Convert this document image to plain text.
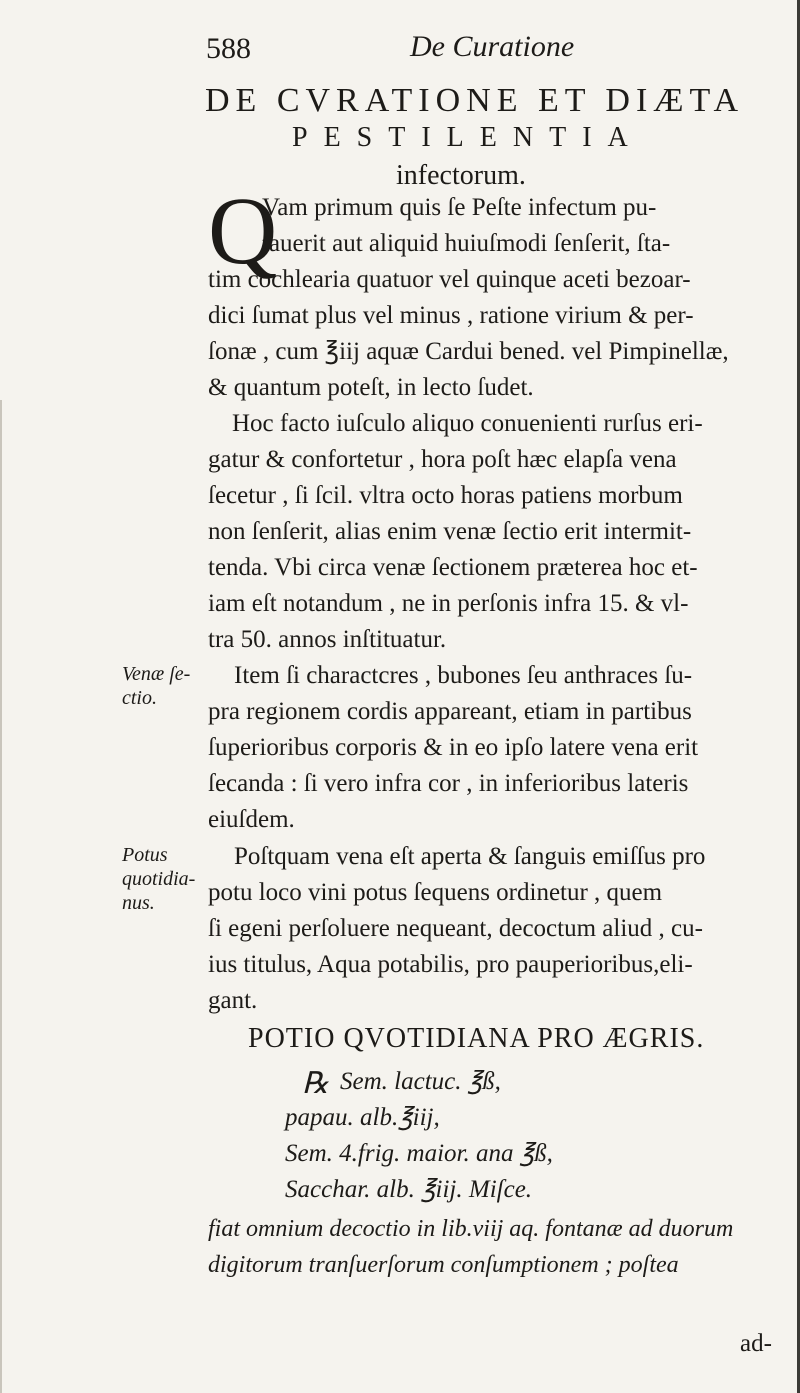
588	De Curatione
DE CVRATIONE ET DIÆTA
PESTILENTIA
infectorum.
Q
Vam primum quis ſe Peſte infectum pu-
tauerit aut aliquid huiuſmodi ſenſerit, ſta-
tim cochlearia quatuor vel quinque aceti bezoar-
dici ſumat plus vel minus , ratione virium & per-
ſonæ , cum ℥iij aquæ Cardui bened. vel Pimpinellæ,
& quantum poteſt, in lecto ſudet.
Hoc facto iuſculo aliquo conuenienti rurſus eri-
gatur & confortetur , hora poſt hæc elapſa vena
ſecetur , ſi ſcil. vltra octo horas patiens morbum
non ſenſerit, alias enim venæ ſectio erit intermit-
tenda. Vbi circa venæ ſectionem præterea hoc et-
iam eſt notandum , ne in perſonis infra 15. & vl-
tra 50. annos inſtituatur.
Venæ ſe-ctio.
Item ſi charactcres , bubones ſeu anthraces ſu-
pra regionem cordis appareant, etiam in partibus
ſuperioribus corporis & in eo ipſo latere vena erit
ſecanda : ſi vero infra cor , in inferioribus lateris
eiuſdem.
Potus quotidia-nus.
Poſtquam vena eſt aperta & ſanguis emiſſus pro
potu loco vini potus ſequens ordinetur , quem
ſi egeni perſoluere nequeant, decoctum aliud , cu-
ius titulus, Aqua potabilis, pro pauperioribus,eli-
gant.
POTIO QVOTIDIANA PRO ÆGRIS.
℞ Sem. lactuc. ℥ß,
papau. alb.℥iij,
Sem. 4.frig. maior. ana ℥ß,
Sacchar. alb. ℥iij. Miſce.
fiat omnium decoctio in lib.viij aq. fontanæ ad duorum
digitorum tranſuerſorum conſumptionem ; poſtea
ad-
